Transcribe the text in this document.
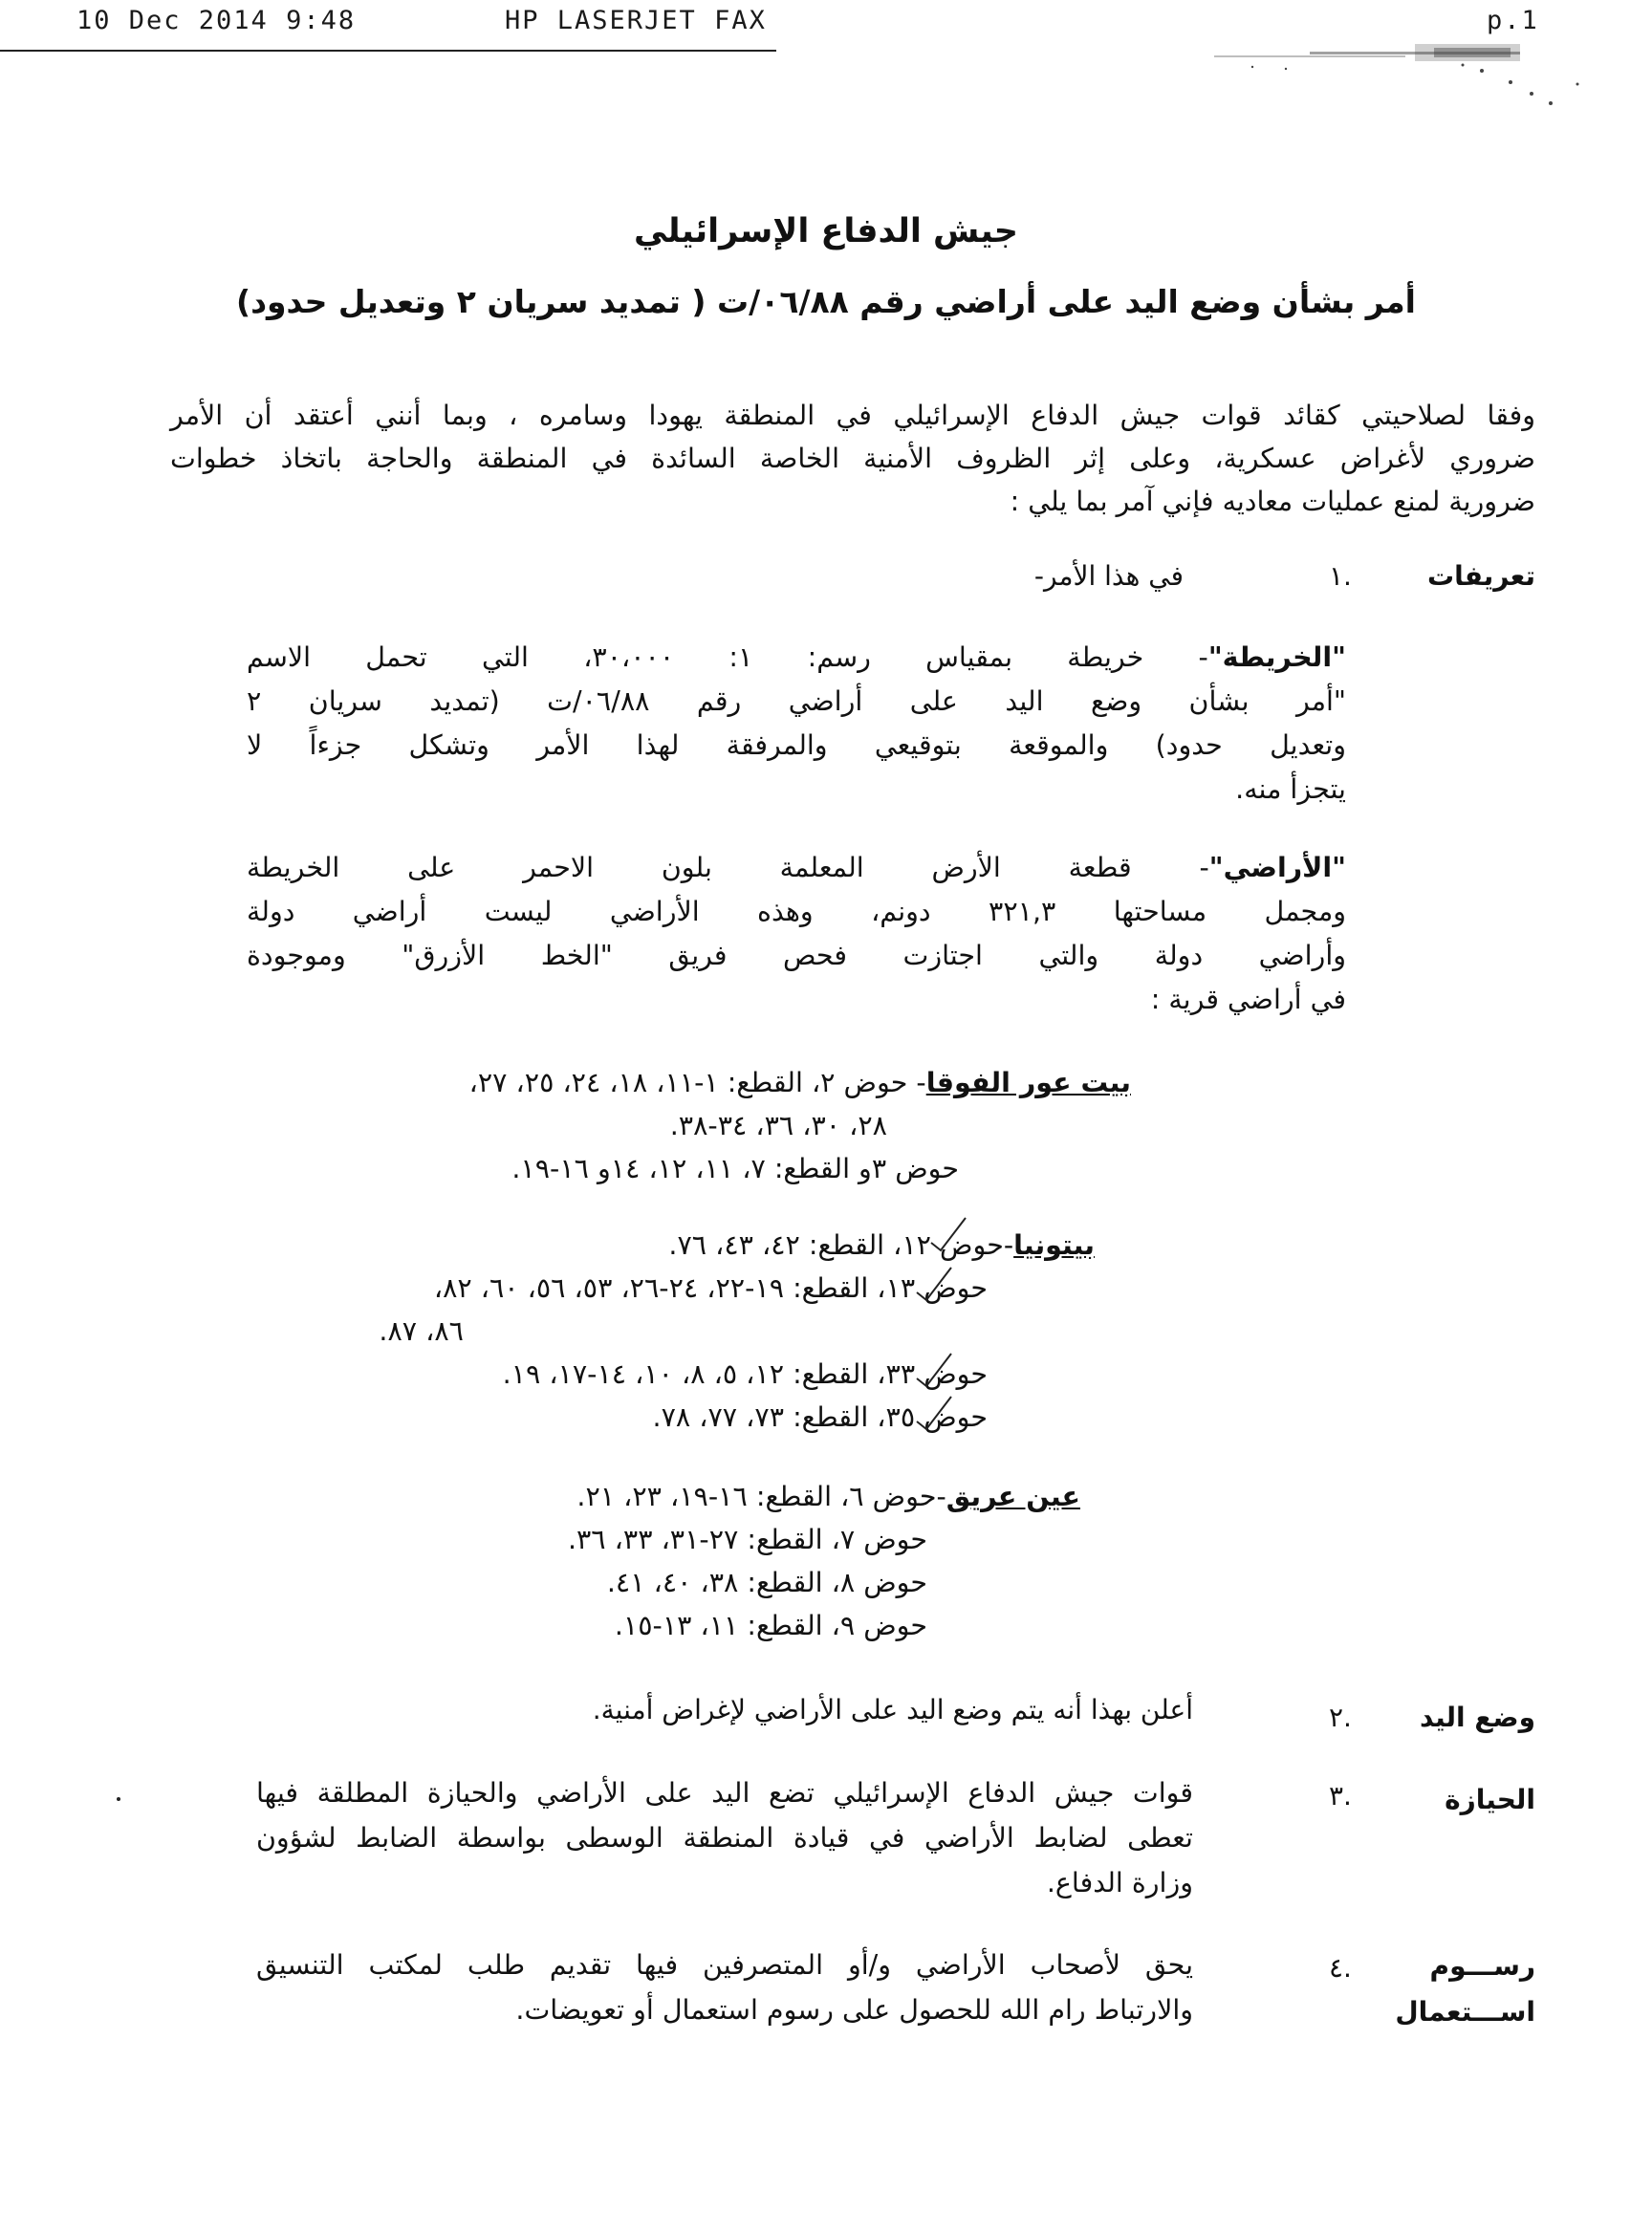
10 Dec 2014 9:48	HP LASERJET FAX	p.1
جيش الدفاع الإسرائيلي
أمر بشأن وضع اليد على أراضي رقم ٠٦/٨٨/ت ( تمديد سريان ٢ وتعديل حدود)
وفقا لصلاحيتي كقائد قوات جيش الدفاع الإسرائيلي في المنطقة يهودا وسامره ، وبما أنني أعتقد أن الأمر
ضروري لأغراض عسكرية، وعلى إثر الظروف الأمنية الخاصة السائدة في المنطقة والحاجة باتخاذ خطوات
ضرورية لمنع عمليات معاديه فإني آمر بما يلي :
تعريفات
١.
في هذا الأمر-
"الخريطة"- خريطة بمقياس رسم: ١: ٣٠،٠٠٠، التي تحمل الاسم
"أمر بشأن وضع اليد على أراضي رقم ٠٦/٨٨/ت (تمديد سريان ٢
وتعديل حدود) والموقعة بتوقيعي والمرفقة لهذا الأمر وتشكل جزءاً لا
يتجزأ منه.
"الأراضي"- قطعة الأرض المعلمة بلون الاحمر على الخريطة
ومجمل مساحتها ٣٢١,٣ دونم، وهذه الأراضي ليست أراضي دولة
وأراضي دولة والتي اجتازت فحص فريق "الخط الأزرق" وموجودة
في أراضي قرية :
بيت عور الفوقا- حوض ٢، القطع: ١-١١، ١٨، ٢٤، ٢٥، ٢٧،
٢٨، ٣٠، ٣٦، ٣٤-٣٨.
حوض ٣و القطع: ٧، ١١، ١٢، ١٤و ١٦-١٩.
بيتونيا-حوض ١٢، القطع: ٤٢، ٤٣، ٧٦.
حوض ١٣، القطع: ١٩-٢٢، ٢٤-٢٦، ٥٣، ٥٦، ٦٠، ٨٢،
٨٦، ٨٧.
حوض ٣٣، القطع: ١٢، ٥، ٨، ١٠، ١٤-١٧، ١٩.
حوض ٣٥، القطع: ٧٣، ٧٧، ٧٨.
عين عريق-حوض ٦، القطع: ١٦-١٩، ٢٣، ٢١.
حوض ٧، القطع: ٢٧-٣١، ٣٣، ٣٦.
حوض ٨، القطع: ٣٨، ٤٠، ٤١.
حوض ٩، القطع: ١١، ١٣-١٥.
وضع اليد
٢.
أعلن بهذا أنه يتم وضع اليد على الأراضي لإغراض أمنية.
الحيازة
٣.
قوات جيش الدفاع الإسرائيلي تضع اليد على الأراضي والحيازة المطلقة فيها
تعطى لضابط الأراضي في قيادة المنطقة الوسطى بواسطة الضابط لشؤون
وزارة الدفاع.
رســـوم
اســـتعمال
٤.
يحق لأصحاب الأراضي و/أو المتصرفين فيها تقديم طلب لمكتب التنسيق
والارتباط رام الله للحصول على رسوم استعمال أو تعويضات.
